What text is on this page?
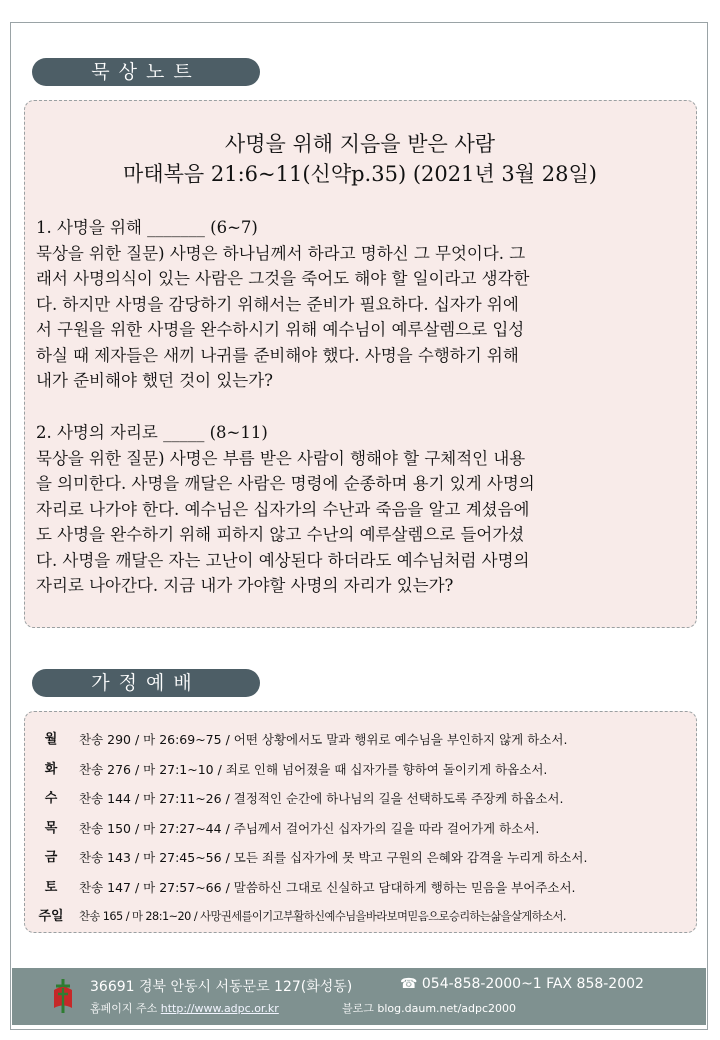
묵상노트
사명을 위해 지음을 받은 사람
마태복음 21:6~11(신약p.35) (2021년 3월 28일)
1. 사명을 위해 _______ (6~7)
묵상을 위한 질문) 사명은 하나님께서 하라고 명하신 그 무엇이다. 그
래서 사명의식이 있는 사람은 그것을 죽어도 해야 할 일이라고 생각한
다. 하지만 사명을 감당하기 위해서는 준비가 필요하다. 십자가 위에
서 구원을 위한 사명을 완수하시기 위해 예수님이 예루살렘으로 입성
하실 때 제자들은 새끼 나귀를 준비해야 했다. 사명을 수행하기 위해
내가 준비해야 했던 것이 있는가?
2. 사명의 자리로 _____ (8~11)
묵상을 위한 질문) 사명은 부름 받은 사람이 행해야 할 구체적인 내용
을 의미한다. 사명을 깨달은 사람은 명령에 순종하며 용기 있게 사명의
자리로 나가야 한다. 예수님은 십자가의 수난과 죽음을 알고 계셨음에
도 사명을 완수하기 위해 피하지 않고 수난의 예루살렘으로 들어가셨
다. 사명을 깨달은 자는 고난이 예상된다 하더라도 예수님처럼 사명의
자리로 나아간다. 지금 내가 가야할 사명의 자리가 있는가?
가정예배
월	찬송 290 / 마 26:69~75 / 어떤 상황에서도 말과 행위로 예수님을 부인하지 않게 하소서.
화	찬송 276 / 마 27:1~10 / 죄로 인해 넘어졌을 때 십자가를 향하여 돌이키게 하옵소서.
수	찬송 144 / 마 27:11~26 / 결정적인 순간에 하나님의 길을 선택하도록 주장케 하옵소서.
목	찬송 150 / 마 27:27~44 / 주님께서 걸어가신 십자가의 길을 따라 걸어가게 하소서.
금	찬송 143 / 마 27:45~56 / 모든 죄를 십자가에 못 박고 구원의 은혜와 감격을 누리게 하소서.
토	찬송 147 / 마 27:57~66 / 말씀하신 그대로 신실하고 담대하게 행하는 믿음을 부어주소서.
주일	찬송 165 / 마 28:1~20 / 사망권세를이기고부활하신예수님을바라보며믿음으로승리하는삶을살게하소서.
36691 경북 안동시 서동문로 127(화성동)	☎ 054-858-2000~1 FAX 858-2002
홈페이지 주소 http://www.adpc.or.kr	블로그 blog.daum.net/adpc2000
